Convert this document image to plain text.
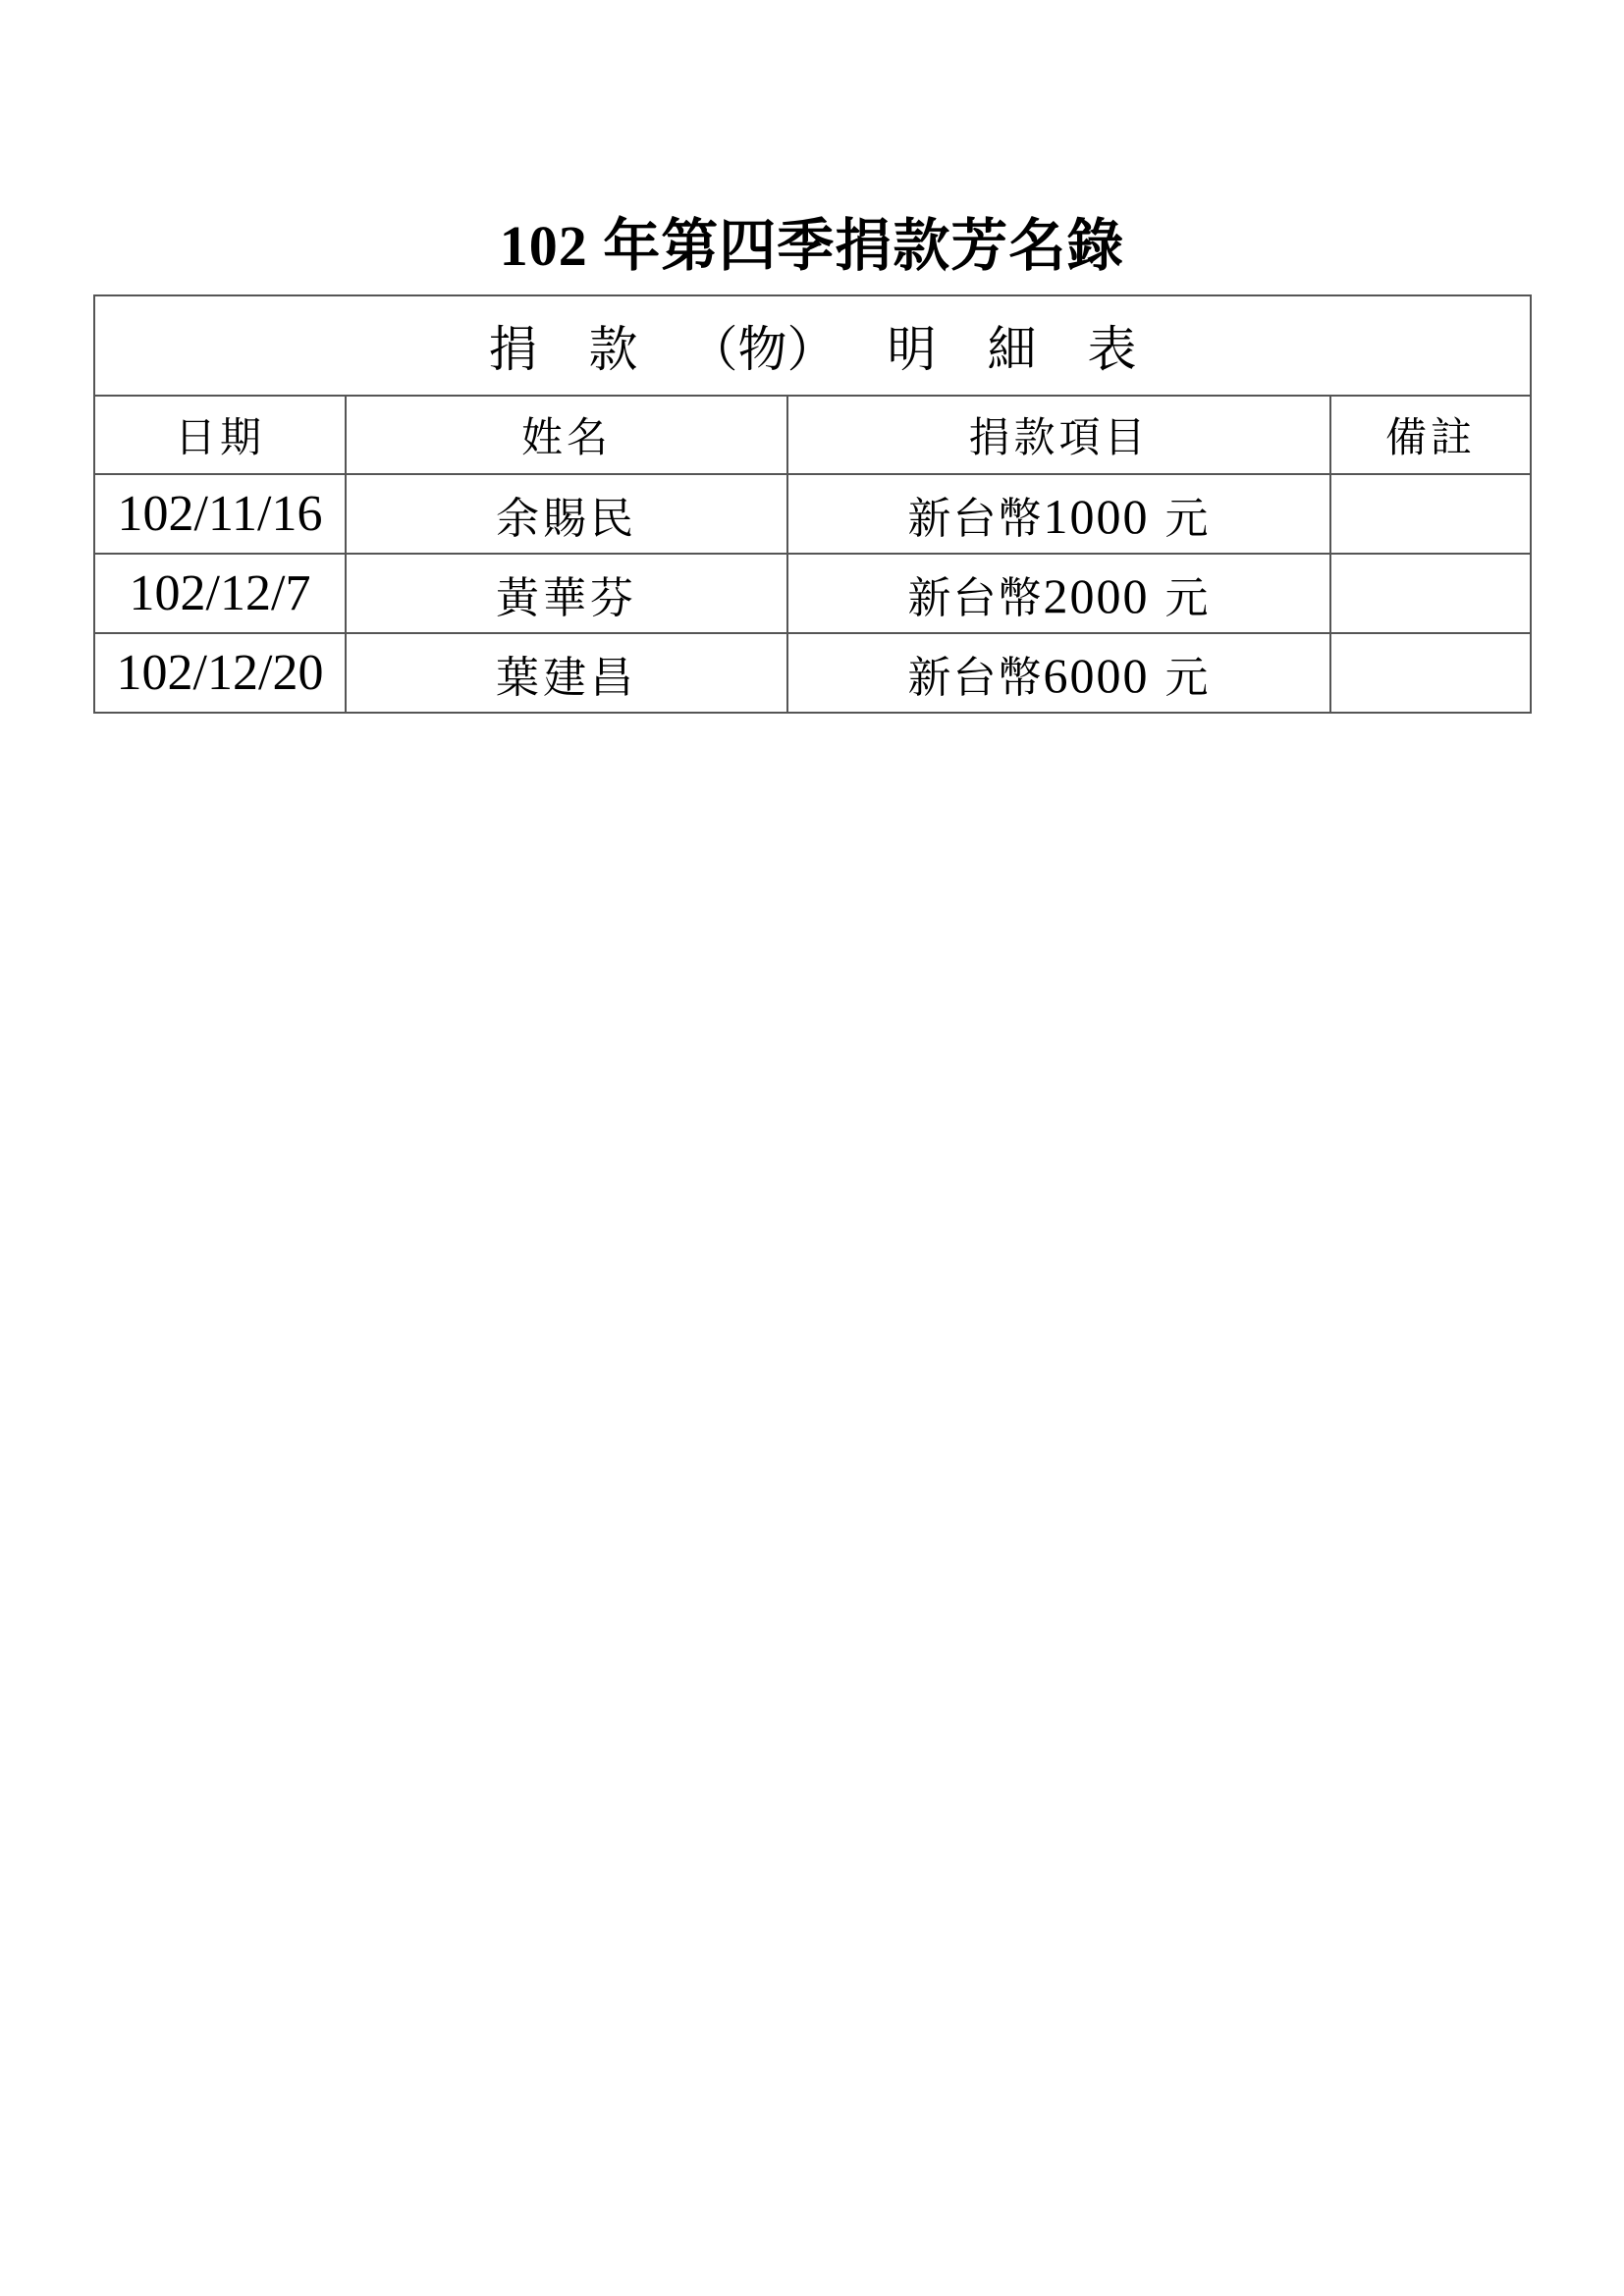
102 年第四季捐款芳名錄
捐 款 （物） 明 細 表			
日期	姓名	捐款項目	備註
102/11/16	余賜民	新台幣1000 元	
102/12/7	黃華芬	新台幣2000 元	
102/12/20	葉建昌	新台幣6000 元	
